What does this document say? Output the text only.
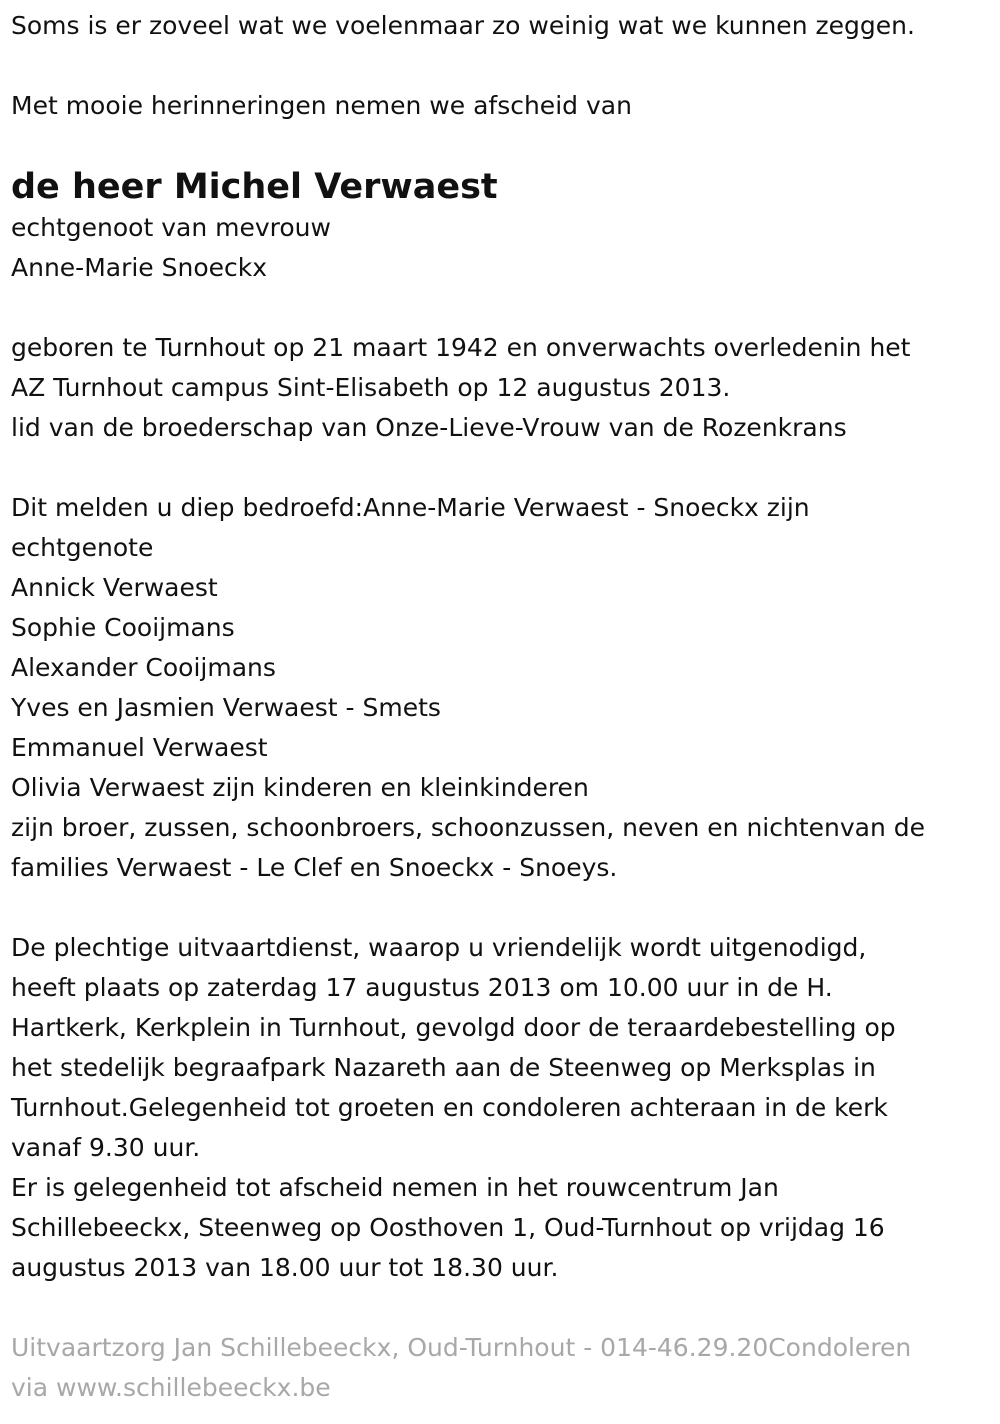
Soms is er zoveel wat we voelenmaar zo weinig wat we kunnen zeggen.

Met mooie herinneringen nemen we afscheid van

de heer Michel Verwaest

echtgenoot van mevrouw

Anne-Marie Snoeckx

geboren te Turnhout op 21 maart 1942 en onverwachts overledenin het

AZ Turnhout campus Sint-Elisabeth op 12 augustus 2013.

lid van de broederschap van Onze-Lieve-Vrouw van de Rozenkrans

Dit melden u diep bedroefd:Anne-Marie Verwaest - Snoeckx zijn

echtgenote

Annick Verwaest

Sophie Cooijmans

Alexander Cooijmans

Yves en Jasmien Verwaest - Smets

Emmanuel Verwaest

Olivia Verwaest zijn kinderen en kleinkinderen

zijn broer, zussen, schoonbroers, schoonzussen, neven en nichtenvan de

families Verwaest - Le Clef en Snoeckx - Snoeys.

De plechtige uitvaartdienst, waarop u vriendelijk wordt uitgenodigd,

heeft plaats op zaterdag 17 augustus 2013 om 10.00 uur in de H.

Hartkerk, Kerkplein in Turnhout, gevolgd door de teraardebestelling op

het stedelijk begraafpark Nazareth aan de Steenweg op Merksplas in

Turnhout.Gelegenheid tot groeten en condoleren achteraan in de kerk

vanaf 9.30 uur.

Er is gelegenheid tot afscheid nemen in het rouwcentrum Jan

Schillebeeckx, Steenweg op Oosthoven 1, Oud-Turnhout op vrijdag 16

augustus 2013 van 18.00 uur tot 18.30 uur.

Uitvaartzorg Jan Schillebeeckx, Oud-Turnhout - 014-46.29.20Condoleren

via www.schillebeeckx.be
